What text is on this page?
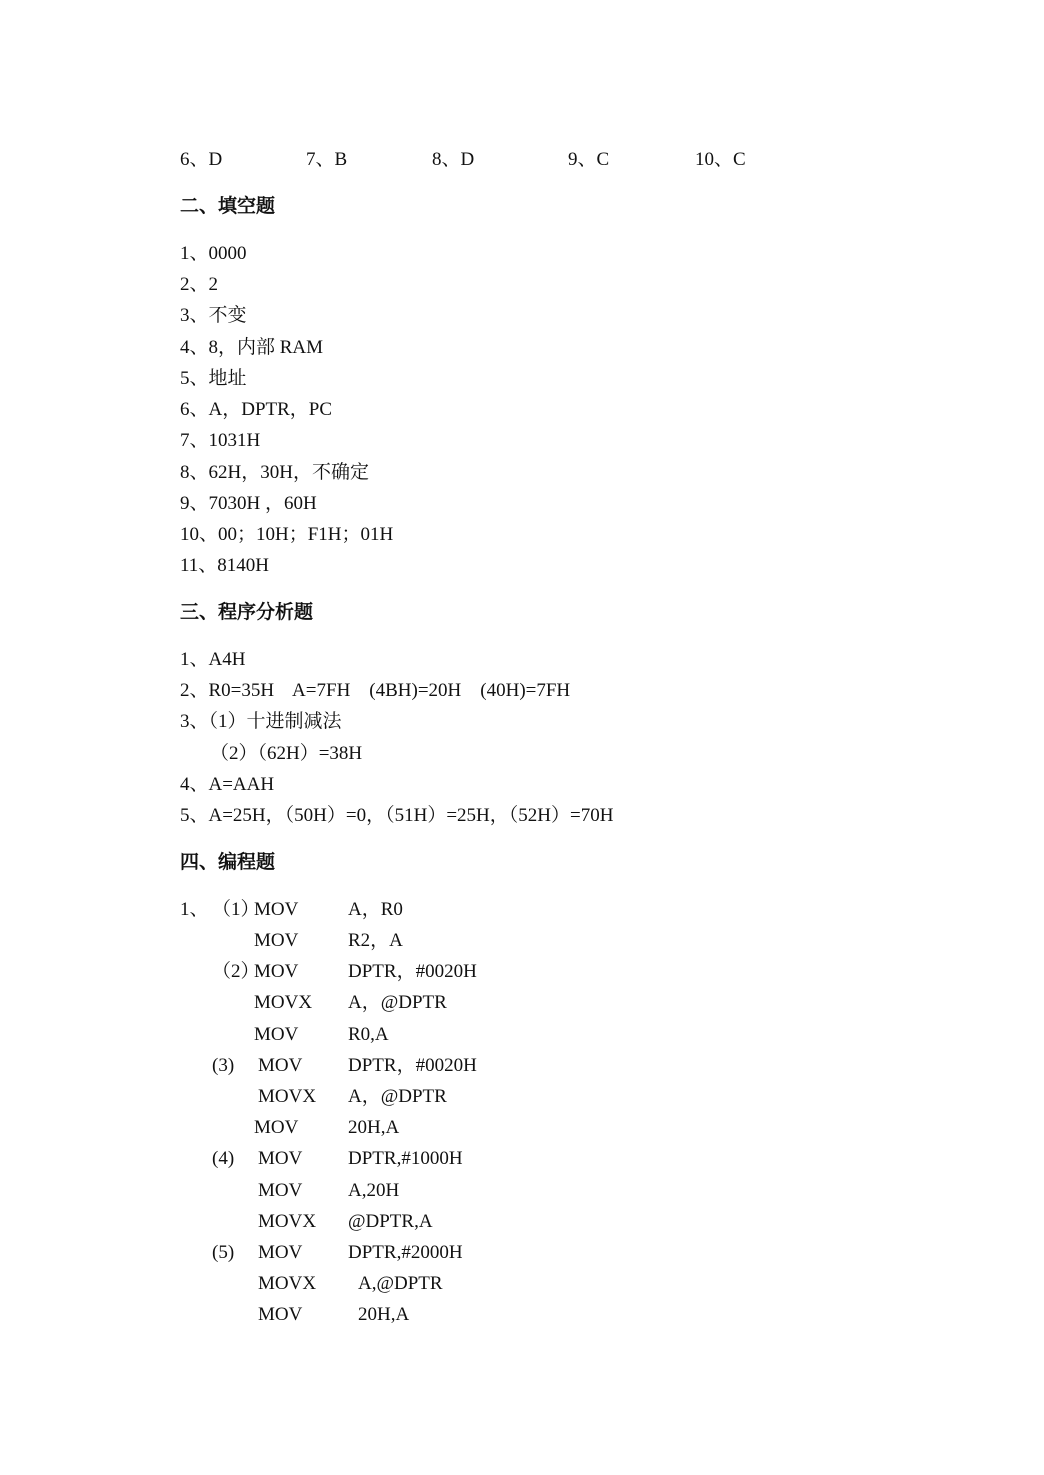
6、D	7、B	8、D	9、C	10、C
二、填空题
1、0000
2、2
3、不变
4、8，内部 RAM
5、地址
6、A，DPTR，PC
7、1031H
8、62H，30H，不确定
9、7030H ，60H
10、00；10H；F1H；01H
11、8140H
三、程序分析题
1、A4H
2、R0=35H    A=7FH    (4BH)=20H    (40H)=7FH
3、（1）十进制减法
（2）（62H）=38H
4、A=AAH
5、A=25H，（50H）=0，（51H）=25H，（52H）=70H
四、编程题
1、 （1）
MOV	A，R0
MOV	R2，A
（2）
MOV	DPTR，#0020H
MOVX A，@DPTR
MOV	R0,A
(3) MOV DPTR，#0020H
MOVX A，@DPTR
MOV	20H,A
(4) MOV DPTR,#1000H
MOV A,20H
MOVX @DPTR,A
(5) MOV DPTR,#2000H
MOVX A,@DPTR
MOV	20H,A
